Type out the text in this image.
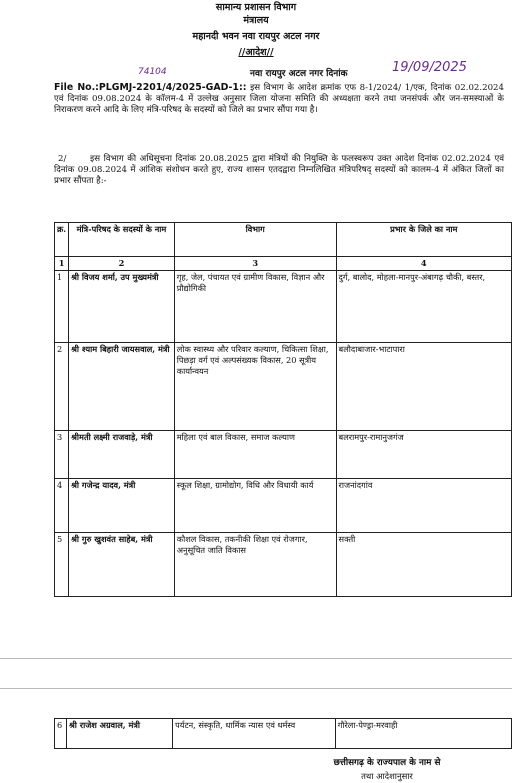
सामान्य प्रशासन विभाग
मंत्रालय
महानदी भवन नवा रायपुर अटल नगर
//आदेश//
74104	नवा रायपुर अटल नगर दिनांक	19/09/2025
File No.:PLGMJ-2201/4/2025-GAD-1:: इस विभाग के आदेश क्रमांक एफ 8-1/2024/ 1/एक, दिनांक 02.02.2024 एवं दिनांक 09.08.2024 के कॉलम-4 में उल्लेख अनुसार जिला योजना समिति की अध्यक्षता करने तथा जनसंपर्क और जन-समस्याओं के निराकरण करने आदि के लिए मंत्रि-परिषद के सदस्यों को जिले का प्रभार सौंपा गया है।
2/	इस विभाग की अधिसूचना दिनांक 20.08.2025 द्वारा मंत्रियों की नियुक्ति के फलस्वरूप उक्त आदेश दिनांक 02.02.2024 एवं दिनांक 09.08.2024 में आंशिक संशोधन करते हुए, राज्य शासन एतदद्वारा निम्नलिखित मंत्रिपरिषद् सदस्यों को कालम-4 में अंकित जिलों का प्रभार सौंपता है:-
क्र.	मंत्रि-परिषद के सदस्यों के नाम	विभाग	प्रभार के जिले का नाम
1	2	3	4
1	श्री विजय शर्मा, उप मुख्यमंत्री	गृह, जेल, पंचायत एवं ग्रामीण विकास, विज्ञान और प्रौद्योगिकी	दुर्ग, बालोद, मोहला-मानपुर-अंबागढ़ चौकी, बस्तर,
2	श्री श्याम बिहारी जायसवाल, मंत्री	लोक स्वास्थ्य और परिवार कल्याण, चिकित्सा शिक्षा, पिछड़ा वर्ग एवं अल्पसंख्यक विकास, 20 सूत्रीय कार्यान्वयन	बलौदाबाजार-भाटापारा
3	श्रीमती लक्ष्मी राजवाड़े, मंत्री	महिला एवं बाल विकास, समाज कल्याण	बलरामपुर-रामानुजगंज
4	श्री गजेन्द्र यादव, मंत्री	स्कूल शिक्षा, ग्रामोद्योग, विधि और विधायी कार्य	राजनांदगांव
5	श्री गुरु खुशवंत साहेब, मंत्री	कौशल विकास, तकनीकी शिक्षा एवं रोजगार, अनुसूचित जाति विकास	सक्ती
6	श्री राजेश अग्रवाल, मंत्री	पर्यटन, संस्कृति, धार्मिक न्यास एवं धर्मस्व	गौरेला-पेण्ड्रा-मरवाही
छत्तीसगढ़ के राज्यपाल के नाम से
तथा आदेशानुसार
